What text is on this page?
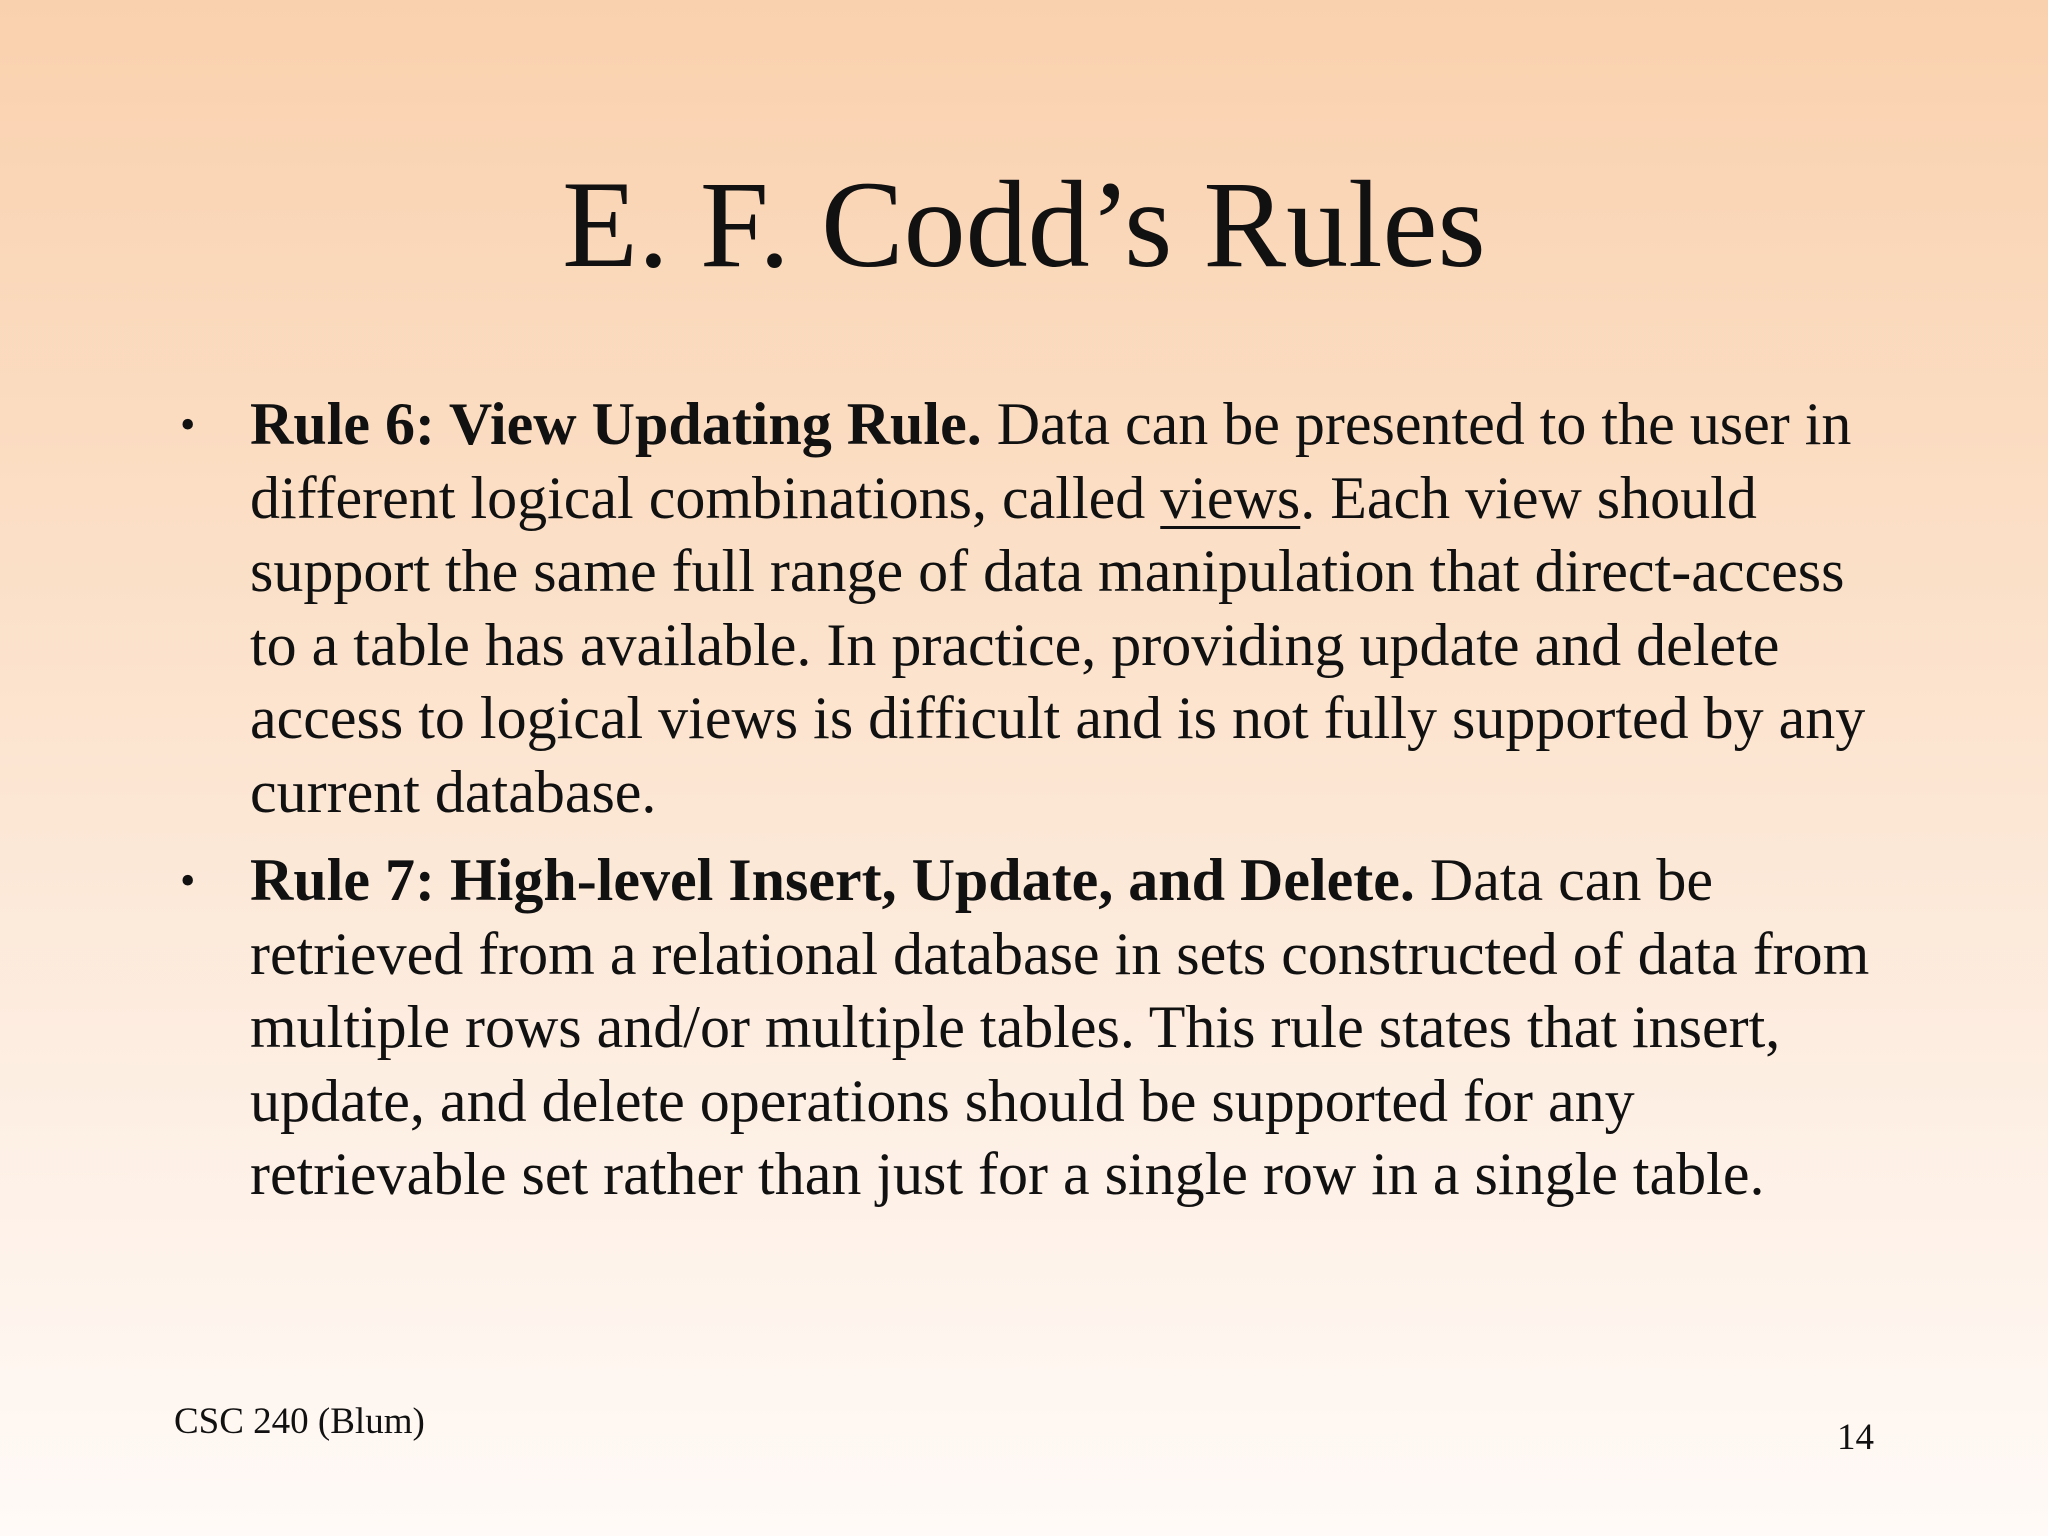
E. F. Codd’s Rules
• Rule 6: View Updating Rule. Data can be presented to the user in different logical combinations, called views. Each view should support the same full range of data manipulation that direct-access to a table has available. In practice, providing update and delete access to logical views is difficult and is not fully supported by any current database.
• Rule 7: High-level Insert, Update, and Delete. Data can be retrieved from a relational database in sets constructed of data from multiple rows and/or multiple tables. This rule states that insert, update, and delete operations should be supported for any retrievable set rather than just for a single row in a single table.
CSC 240 (Blum)	14
